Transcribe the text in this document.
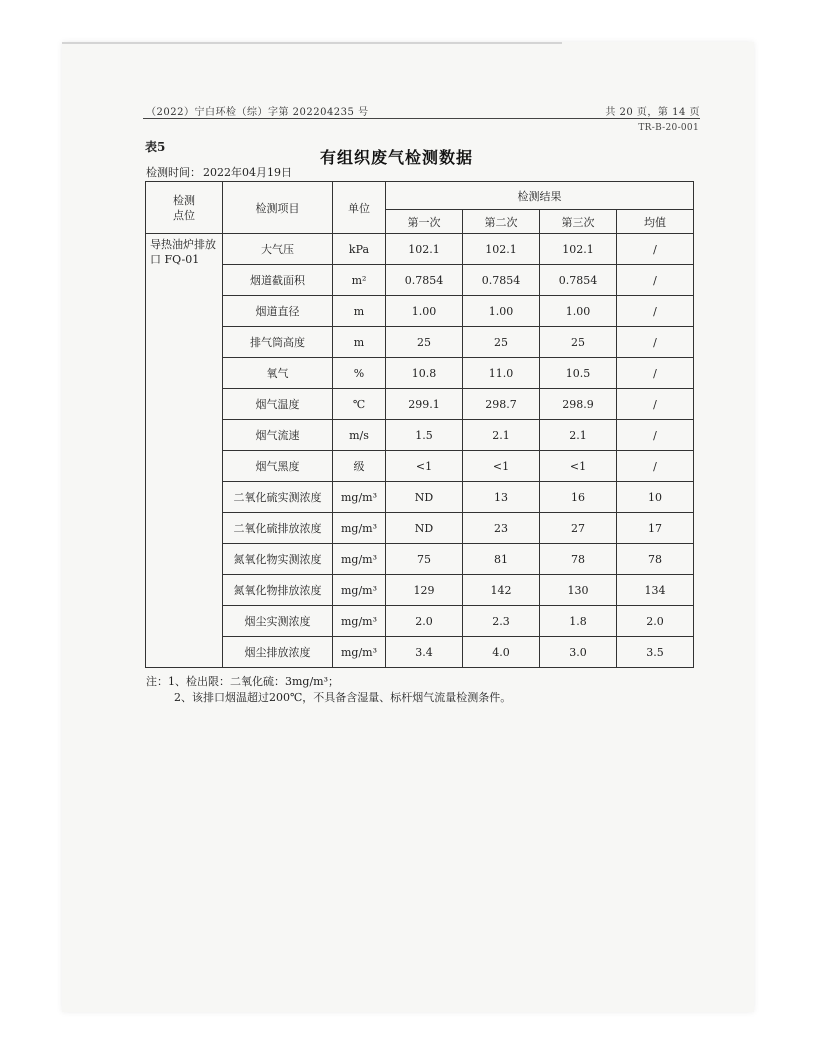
（2022）宁白环检（综）字第 202204235 号	共 20 页，第 14 页
TR-B-20-001
表5
有组织废气检测数据
检测时间： 2022年04月19日
检测点位	检测项目	单位	检测结果			
			第一次	第二次	第三次	均值
导热油炉排放口 FQ-01	大气压	kPa	102.1	102.1	102.1	/
	烟道截面积	m²	0.7854	0.7854	0.7854	/
	烟道直径	m	1.00	1.00	1.00	/
	排气筒高度	m	25	25	25	/
	氧气	%	10.8	11.0	10.5	/
	烟气温度	℃	299.1	298.7	298.9	/
	烟气流速	m/s	1.5	2.1	2.1	/
	烟气黑度	级	<1	<1	<1	/
	二氧化硫实测浓度	mg/m³	ND	13	16	10
	二氧化硫排放浓度	mg/m³	ND	23	27	17
	氮氧化物实测浓度	mg/m³	75	81	78	78
	氮氧化物排放浓度	mg/m³	129	142	130	134
	烟尘实测浓度	mg/m³	2.0	2.3	1.8	2.0
	烟尘排放浓度	mg/m³	3.4	4.0	3.0	3.5
注：1、检出限：二氧化硫：3mg/m³；
2、该排口烟温超过200℃，不具备含湿量、标杆烟气流量检测条件。
